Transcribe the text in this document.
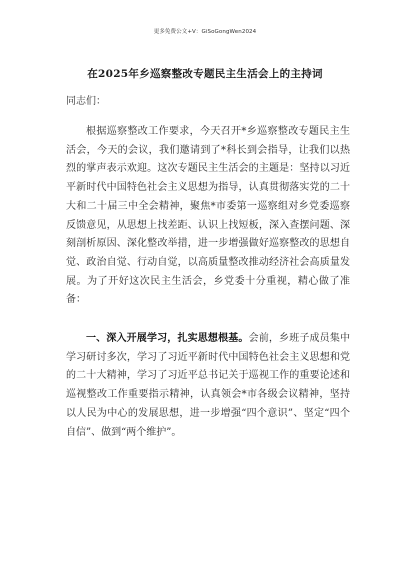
更多免费公文+V：GiSoGongWen2024
在2025年乡巡察整改专题民主生活会上的主持词
同志们：
根据巡察整改工作要求，今天召开*乡巡察整改专题民主生活会，今天的会议，我们邀请到了*科长到会指导，让我们以热烈的掌声表示欢迎。这次专题民主生活会的主题是：坚持以习近平新时代中国特色社会主义思想为指导，认真贯彻落实党的二十大和二十届三中全会精神，聚焦*市委第一巡察组对乡党委巡察反馈意见，从思想上找差距、认识上找短板，深入查摆问题、深刻剖析原因、深化整改举措，进一步增强做好巡察整改的思想自觉、政治自觉、行动自觉，以高质量整改推动经济社会高质量发展。为了开好这次民主生活会，乡党委十分重视，精心做了准备：
一、深入开展学习，扎实思想根基。会前，乡班子成员集中学习研讨多次，学习了习近平新时代中国特色社会主义思想和党的二十大精神，学习了习近平总书记关于巡视工作的重要论述和巡视整改工作重要指示精神，认真领会*市各级会议精神，坚持以人民为中心的发展思想，进一步增强“四个意识”、坚定“四个自信”、做到“两个维护”。
